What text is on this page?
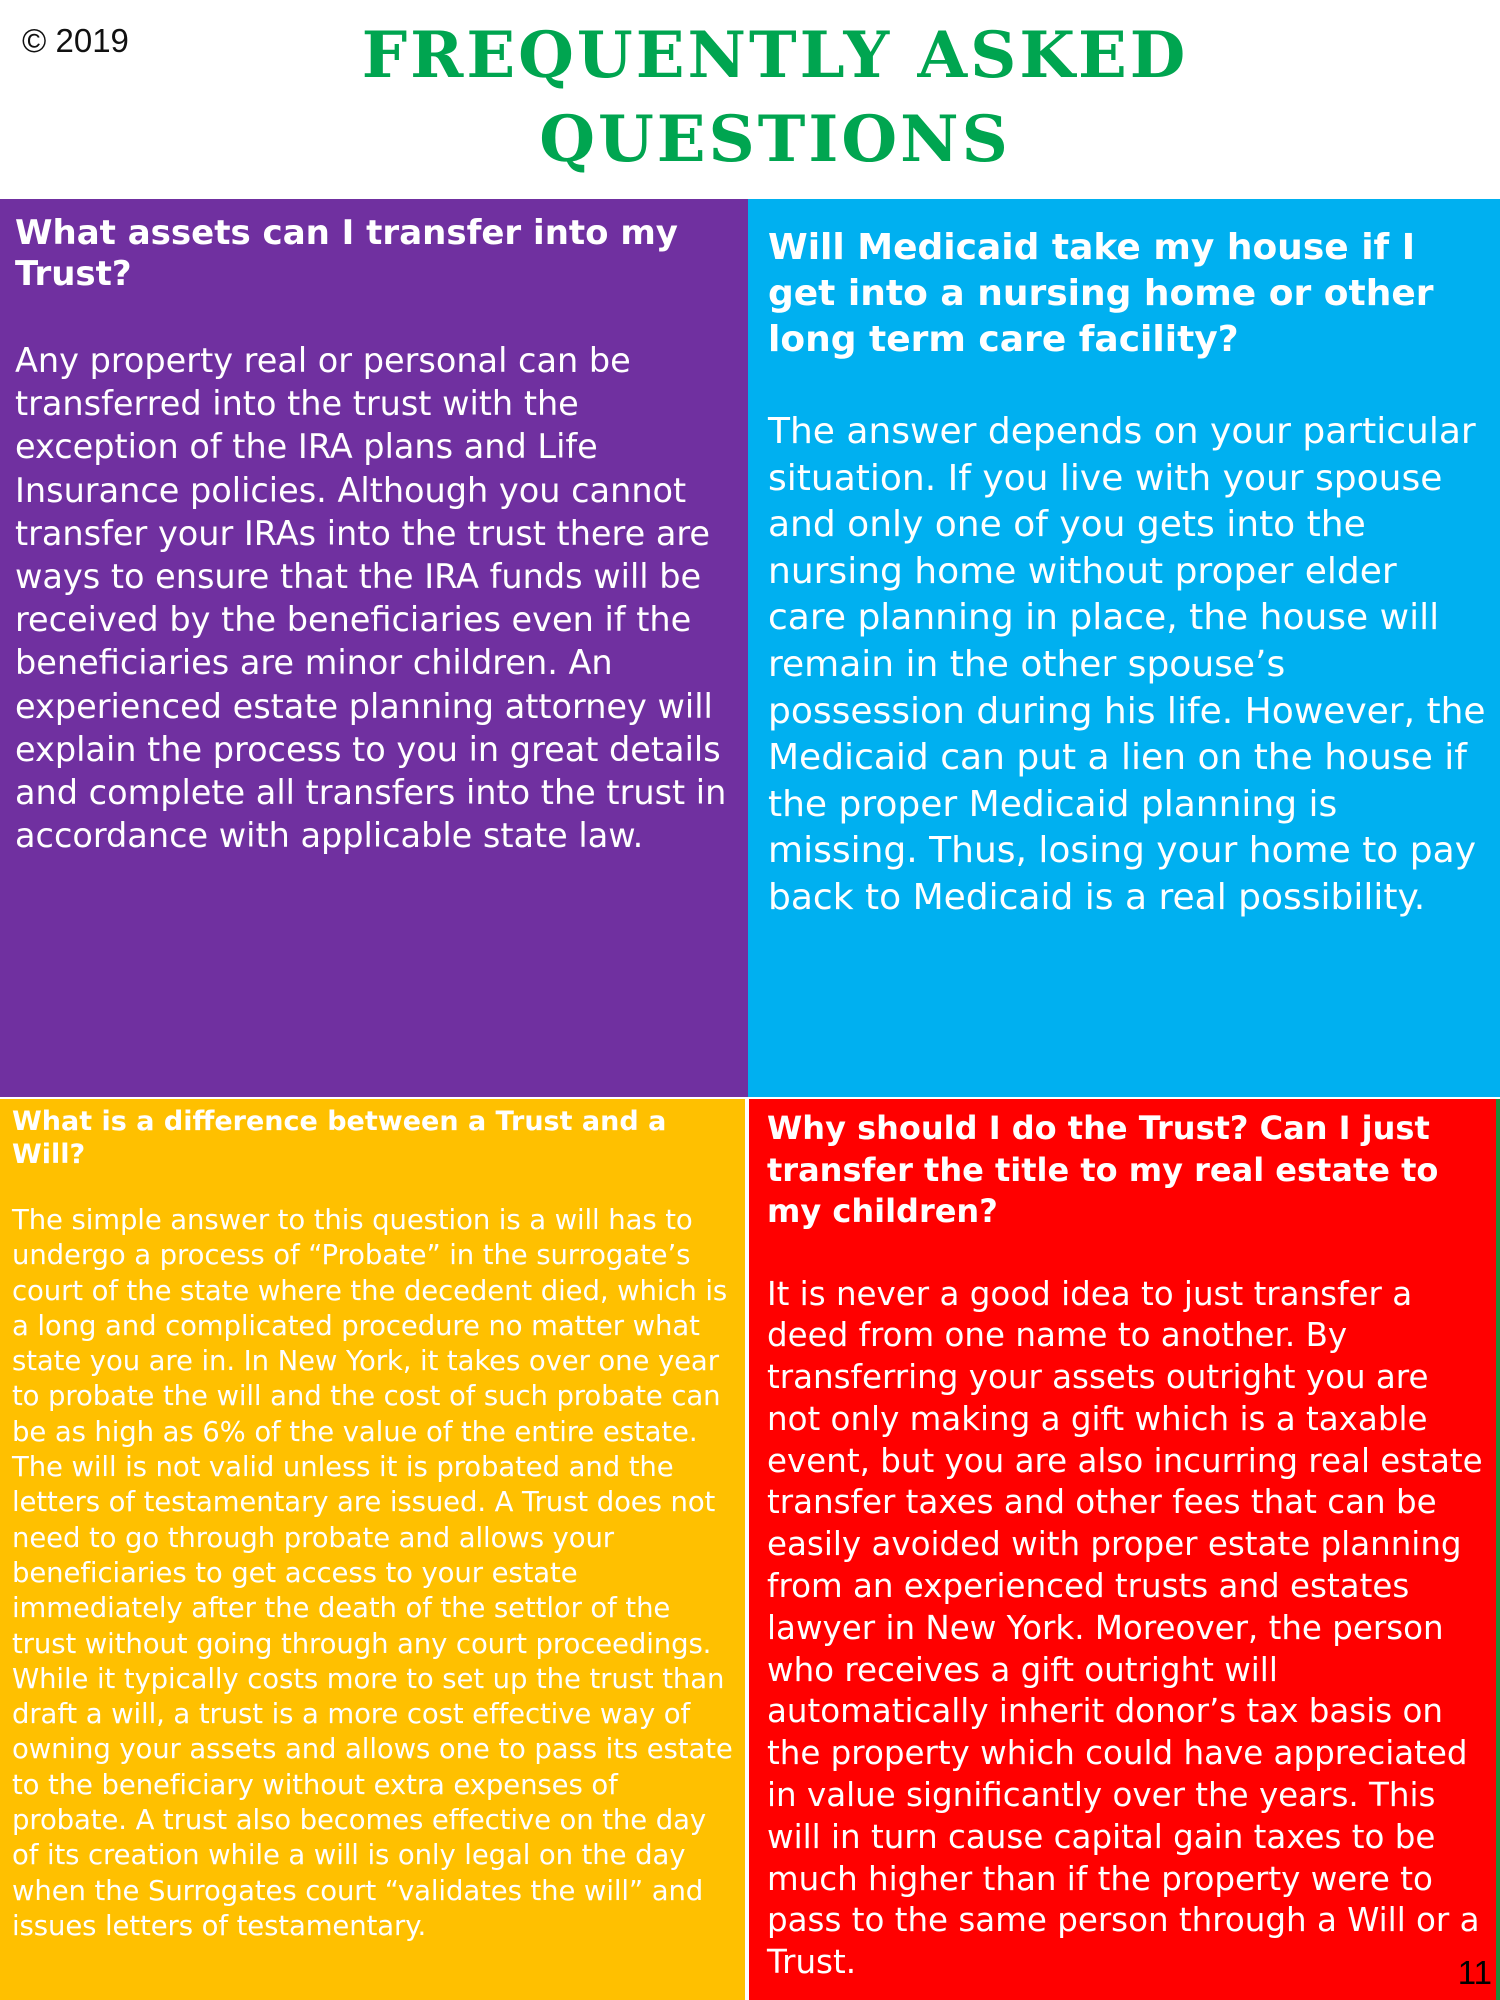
© 2019	FREQUENTLY ASKED
QUESTIONS

What assets can I transfer into my Trust?

Any property real or personal can be transferred into the trust with the exception of the IRA plans and Life Insurance policies. Although you cannot transfer your IRAs into the trust there are ways to ensure that the IRA funds will be received by the beneficiaries even if the beneficiaries are minor children. An experienced estate planning attorney will explain the process to you in great details and complete all transfers into the trust in accordance with applicable state law.

Will Medicaid take my house if I get into a nursing home or other long term care facility?

The answer depends on your particular situation. If you live with your spouse and only one of you gets into the nursing home without proper elder care planning in place, the house will remain in the other spouse’s possession during his life. However, the Medicaid can put a lien on the house if the proper Medicaid planning is missing. Thus, losing your home to pay back to Medicaid is a real possibility.

What is a difference between a Trust and a Will?

The simple answer to this question is a will has to undergo a process of “Probate” in the surrogate’s court of the state where the decedent died, which is a long and complicated procedure no matter what state you are in. In New York, it takes over one year to probate the will and the cost of such probate can be as high as 6% of the value of the entire estate. The will is not valid unless it is probated and the letters of testamentary are issued. A Trust does not need to go through probate and allows your beneficiaries to get access to your estate immediately after the death of the settlor of the trust without going through any court proceedings. While it typically costs more to set up the trust than draft a will, a trust is a more cost effective way of owning your assets and allows one to pass its estate to the beneficiary without extra expenses of probate. A trust also becomes effective on the day of its creation while a will is only legal on the day when the Surrogates court “validates the will” and issues letters of testamentary.

Why should I do the Trust? Can I just transfer the title to my real estate to my children?

It is never a good idea to just transfer a deed from one name to another. By transferring your assets outright you are not only making a gift which is a taxable event, but you are also incurring real estate transfer taxes and other fees that can be easily avoided with proper estate planning from an experienced trusts and estates lawyer in New York. Moreover, the person who receives a gift outright will automatically inherit donor’s tax basis on the property which could have appreciated in value significantly over the years. This will in turn cause capital gain taxes to be much higher than if the property were to pass to the same person through a Will or a Trust.	11
